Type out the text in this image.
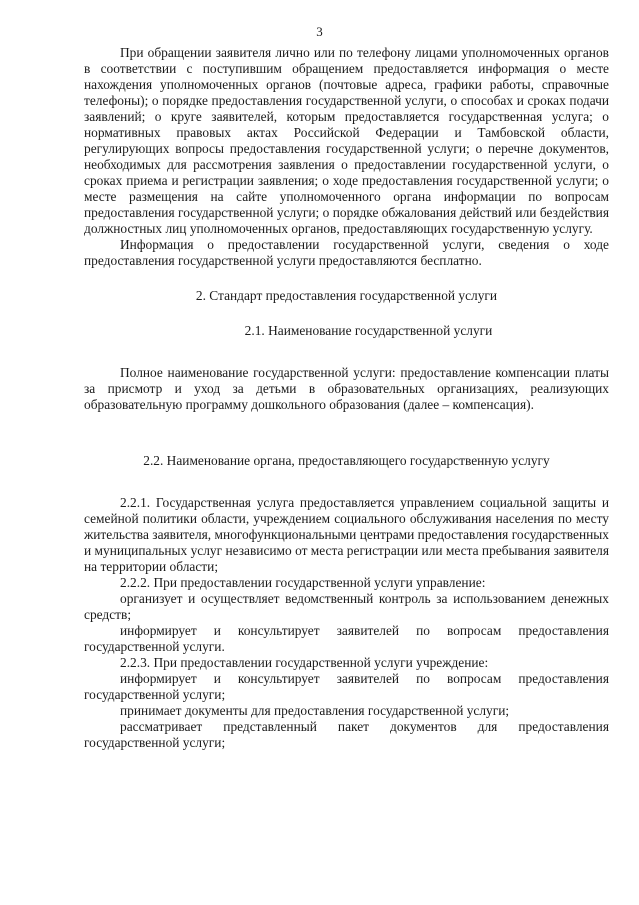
3

При обращении заявителя лично или по телефону лицами уполномоченных органов в соответствии с поступившим обращением предоставляется информация о месте нахождения уполномоченных органов (почтовые адреса, графики работы, справочные телефоны); о порядке предоставления государственной услуги, о способах и сроках подачи заявлений; о круге заявителей, которым предоставляется государственная услуга; о нормативных правовых актах Российской Федерации и Тамбовской области, регулирующих вопросы предоставления государственной услуги; о перечне документов, необходимых для рассмотрения заявления о предоставлении государственной услуги, о сроках приема и регистрации заявления; о ходе предоставления государственной услуги; о месте размещения на сайте уполномоченного органа информации по вопросам предоставления государственной услуги; о порядке обжалования действий или бездействия должностных лиц уполномоченных органов, предоставляющих государственную услугу.

Информация о предоставлении государственной услуги, сведения о ходе предоставления государственной услуги предоставляются бесплатно.

2. Стандарт предоставления государственной услуги

2.1. Наименование государственной услуги

Полное наименование государственной услуги: предоставление компенсации платы за присмотр и уход за детьми в образовательных организациях, реализующих образовательную программу дошкольного образования (далее – компенсация).

2.2. Наименование органа, предоставляющего государственную услугу

2.2.1. Государственная услуга предоставляется управлением социальной защиты и семейной политики области, учреждением социального обслуживания населения по месту жительства заявителя, многофункциональными центрами предоставления государственных и муниципальных услуг независимо от места регистрации или места пребывания заявителя на территории области;

2.2.2. При предоставлении государственной услуги управление:

организует и осуществляет ведомственный контроль за использованием денежных средств;

информирует и консультирует заявителей по вопросам предоставления государственной услуги.

2.2.3. При предоставлении государственной услуги учреждение:

информирует и консультирует заявителей по вопросам предоставления государственной услуги;

принимает документы для предоставления государственной услуги;

рассматривает представленный пакет документов для предоставления государственной услуги;
